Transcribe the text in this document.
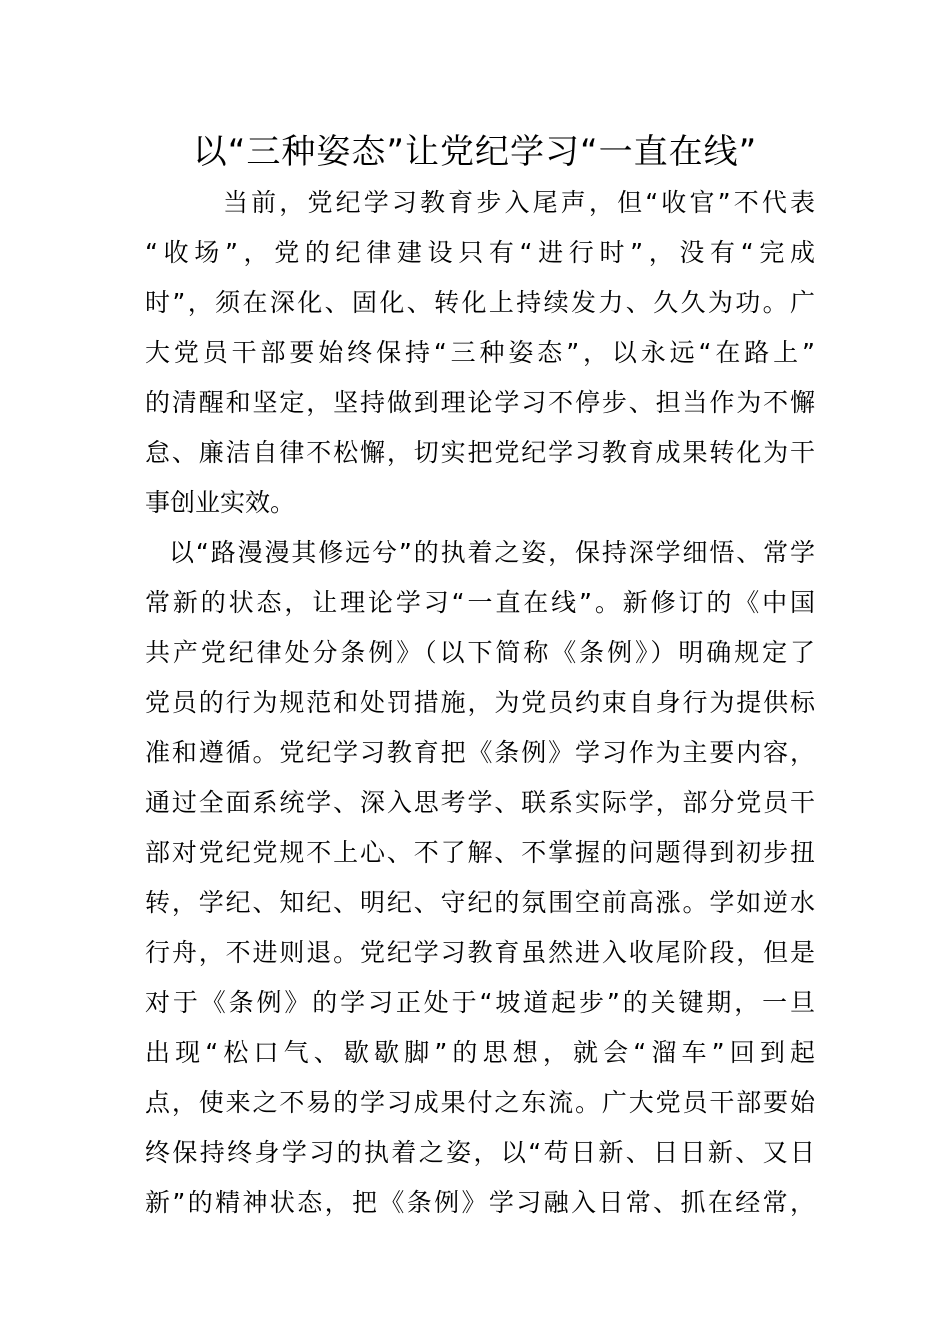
以“三种姿态”让党纪学习“一直在线”
当前，党纪学习教育步入尾声，但“收官”不代表
“收场”，党的纪律建设只有“进行时”，没有“完成
时”，须在深化、固化、转化上持续发力、久久为功。广
大党员干部要始终保持“三种姿态”，以永远“在路上”
的清醒和坚定，坚持做到理论学习不停步、担当作为不懈
怠、廉洁自律不松懈，切实把党纪学习教育成果转化为干
事创业实效。
以“路漫漫其修远兮”的执着之姿，保持深学细悟、常学
常新的状态，让理论学习“一直在线”。新修订的《中国
共产党纪律处分条例》（以下简称《条例》）明确规定了
党员的行为规范和处罚措施，为党员约束自身行为提供标
准和遵循。党纪学习教育把《条例》学习作为主要内容，
通过全面系统学、深入思考学、联系实际学，部分党员干
部对党纪党规不上心、不了解、不掌握的问题得到初步扭
转，学纪、知纪、明纪、守纪的氛围空前高涨。学如逆水
行舟，不进则退。党纪学习教育虽然进入收尾阶段，但是
对于《条例》的学习正处于“坡道起步”的关键期，一旦
出现“松口气、歇歇脚”的思想，就会“溜车”回到起
点，使来之不易的学习成果付之东流。广大党员干部要始
终保持终身学习的执着之姿，以“苟日新、日日新、又日
新”的精神状态，把《条例》学习融入日常、抓在经常，
